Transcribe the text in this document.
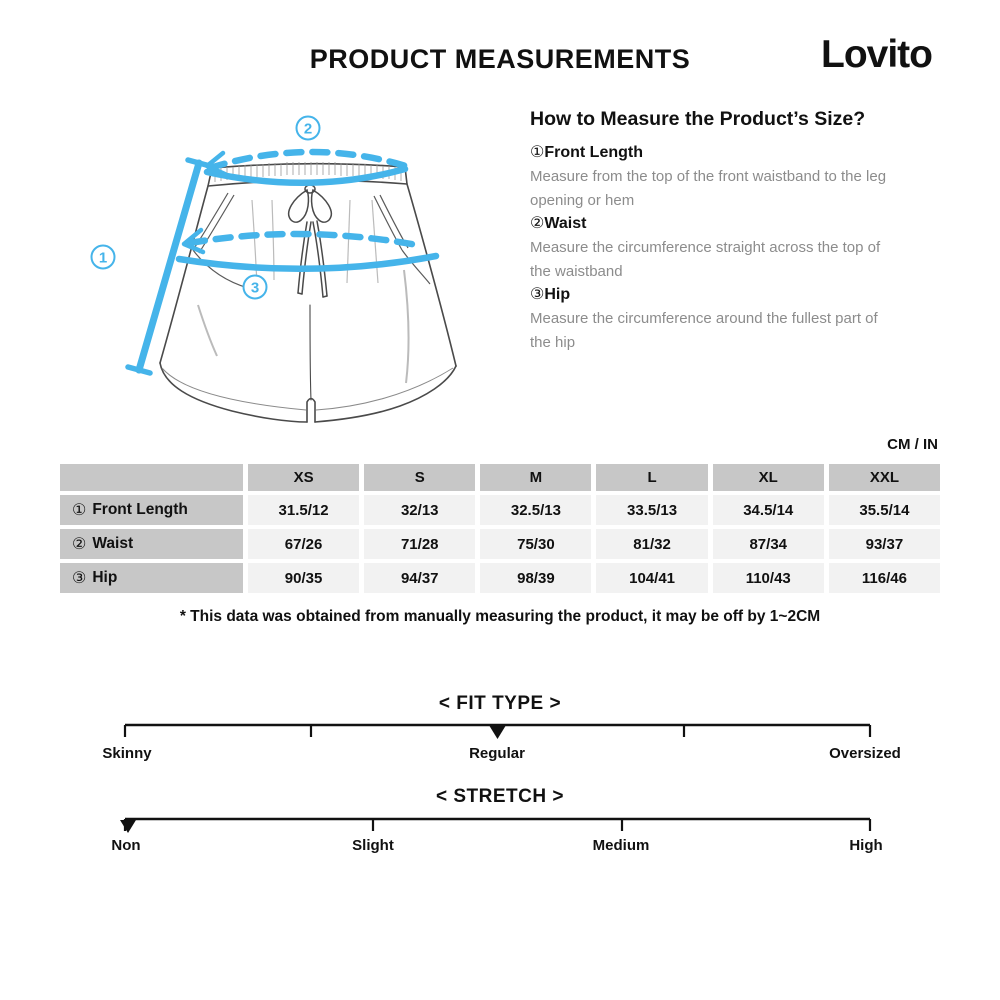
PRODUCT MEASUREMENTS	Lovito
1
2
3
How to Measure the Product’s Size?
①Front Length

Measure from the top of the front waistband to the leg opening or hem

②Waist

Measure the circumference straight across the top of the waistband

③Hip

Measure the circumference around the fullest part of the hip

CM / IN
XS	S	M	L	XL	XXL
① Front Length	31.5/12	32/13	32.5/13	33.5/13	34.5/14	35.5/14
② Waist	67/26	71/28	75/30	81/32	87/34	93/37
③ Hip	90/35	94/37	98/39	104/41	110/43	116/46

* This data was obtained from manually measuring the product, it may be off by 1~2CM

< FIT TYPE >
Skinny	Regular	Oversized
< STRETCH >
Non	Slight	Medium	High
